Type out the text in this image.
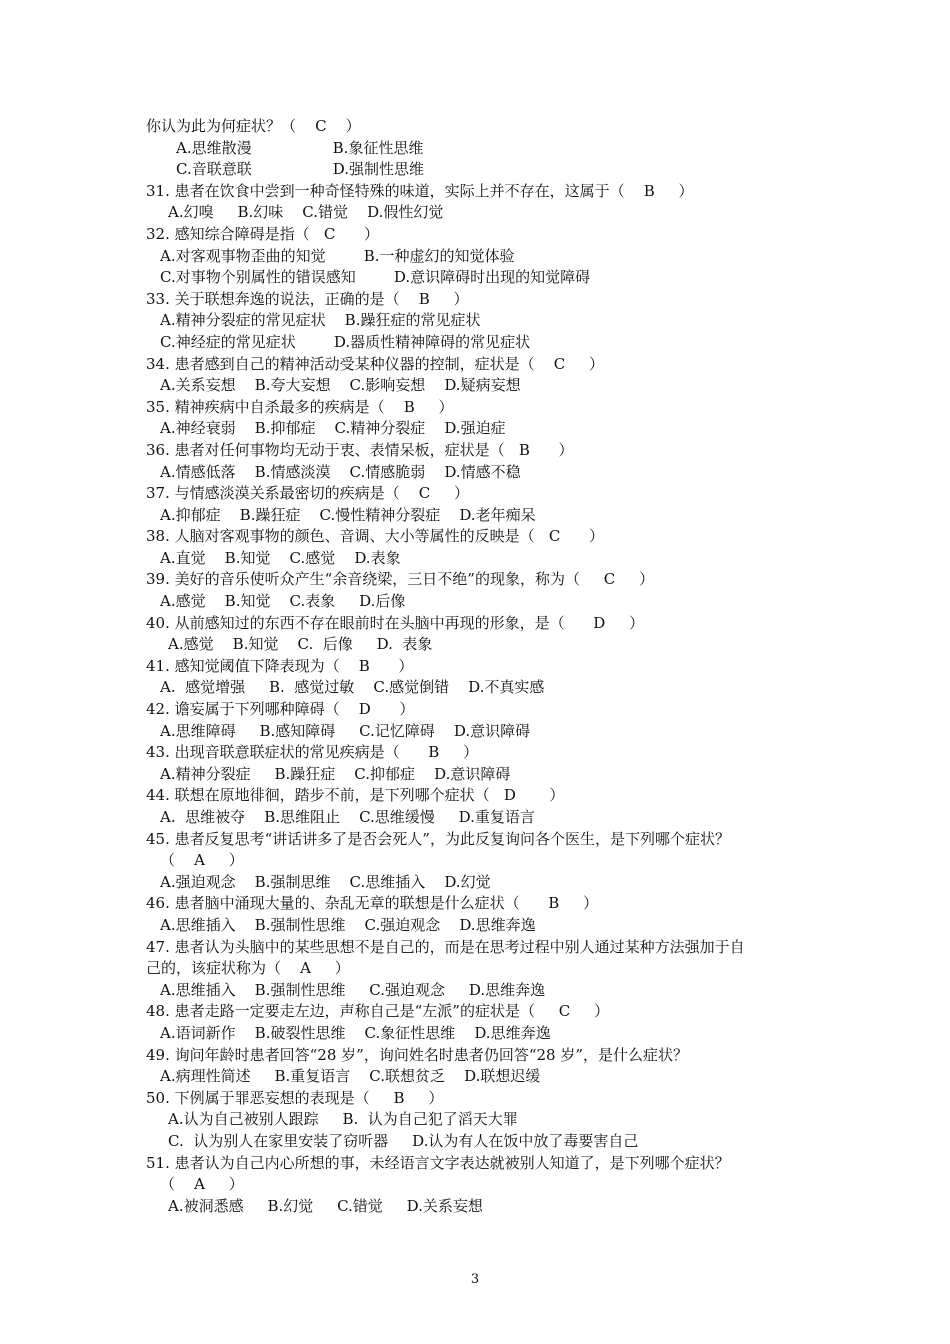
你认为此为何症状？（    C    ）
A.思维散漫                 B.象征性思维
C.音联意联                 D.强制性思维
31. 患者在饮食中尝到一种奇怪特殊的味道，实际上并不存在，这属于（    B     ）
A.幻嗅     B.幻味    C.错觉    D.假性幻觉
32. 感知综合障碍是指（   C      ）
A.对客观事物歪曲的知觉        B.一种虚幻的知觉体验
C.对事物个别属性的错误感知        D.意识障碍时出现的知觉障碍
33. 关于联想奔逸的说法，正确的是（    B     ）
A.精神分裂症的常见症状    B.躁狂症的常见症状
C.神经症的常见症状        D.器质性精神障碍的常见症状
34. 患者感到自己的精神活动受某种仪器的控制，症状是（    C     ）
A.关系妄想    B.夸大妄想    C.影响妄想    D.疑病妄想
35. 精神疾病中自杀最多的疾病是（    B     ）
A.神经衰弱    B.抑郁症    C.精神分裂症    D.强迫症
36. 患者对任何事物均无动于衷、表情呆板，症状是（   B      ）
A.情感低落    B.情感淡漠    C.情感脆弱    D.情感不稳
37. 与情感淡漠关系最密切的疾病是（    C     ）
A.抑郁症    B.躁狂症    C.慢性精神分裂症    D.老年痴呆
38. 人脑对客观事物的颜色、音调、大小等属性的反映是（   C      ）
A.直觉    B.知觉    C.感觉    D.表象
39. 美好的音乐使听众产生“余音绕梁，三日不绝”的现象，称为（     C     ）
A.感觉    B.知觉    C.表象     D.后像
40. 从前感知过的东西不存在眼前时在头脑中再现的形象，是（      D     ）
A.感觉    B.知觉    C.  后像     D.  表象
41. 感知觉阈值下降表现为（    B      ）
A.  感觉增强     B.  感觉过敏    C.感觉倒错    D.不真实感
42. 谵妄属于下列哪种障碍（    D      ）
A.思维障碍     B.感知障碍     C.记忆障碍    D.意识障碍
43. 出现音联意联症状的常见疾病是（      B     ）
A.精神分裂症     B.躁狂症    C.抑郁症    D.意识障碍
44. 联想在原地徘徊，踏步不前，是下列哪个症状（   D       ）
A.  思维被夺    B.思维阻止    C.思维缓慢     D.重复语言
45. 患者反复思考“讲话讲多了是否会死人”，为此反复询问各个医生，是下列哪个症状？
（    A     ）
A.强迫观念    B.强制思维    C.思维插入    D.幻觉
46. 患者脑中涌现大量的、杂乱无章的联想是什么症状（      B     ）
A.思维插入    B.强制性思维    C.强迫观念    D.思维奔逸
47. 患者认为头脑中的某些思想不是自己的，而是在思考过程中别人通过某种方法强加于自
己的，该症状称为（    A     ）
A.思维插入    B.强制性思维     C.强迫观念     D.思维奔逸
48. 患者走路一定要走左边，声称自己是“左派”的症状是（     C     ）
A.语词新作    B.破裂性思维    C.象征性思维    D.思维奔逸
49. 询问年龄时患者回答“28 岁”，询问姓名时患者仍回答“28 岁”，是什么症状？
A.病理性简述     B.重复语言    C.联想贫乏    D.联想迟缓
50. 下例属于罪恶妄想的表现是（     B     ）
A.认为自己被别人跟踪     B.  认为自己犯了滔天大罪
C.  认为别人在家里安装了窃听器     D.认为有人在饭中放了毒要害自己
51. 患者认为自己内心所想的事，未经语言文字表达就被别人知道了，是下列哪个症状？
（    A     ）
A.被洞悉感     B.幻觉     C.错觉     D.关系妄想
3
